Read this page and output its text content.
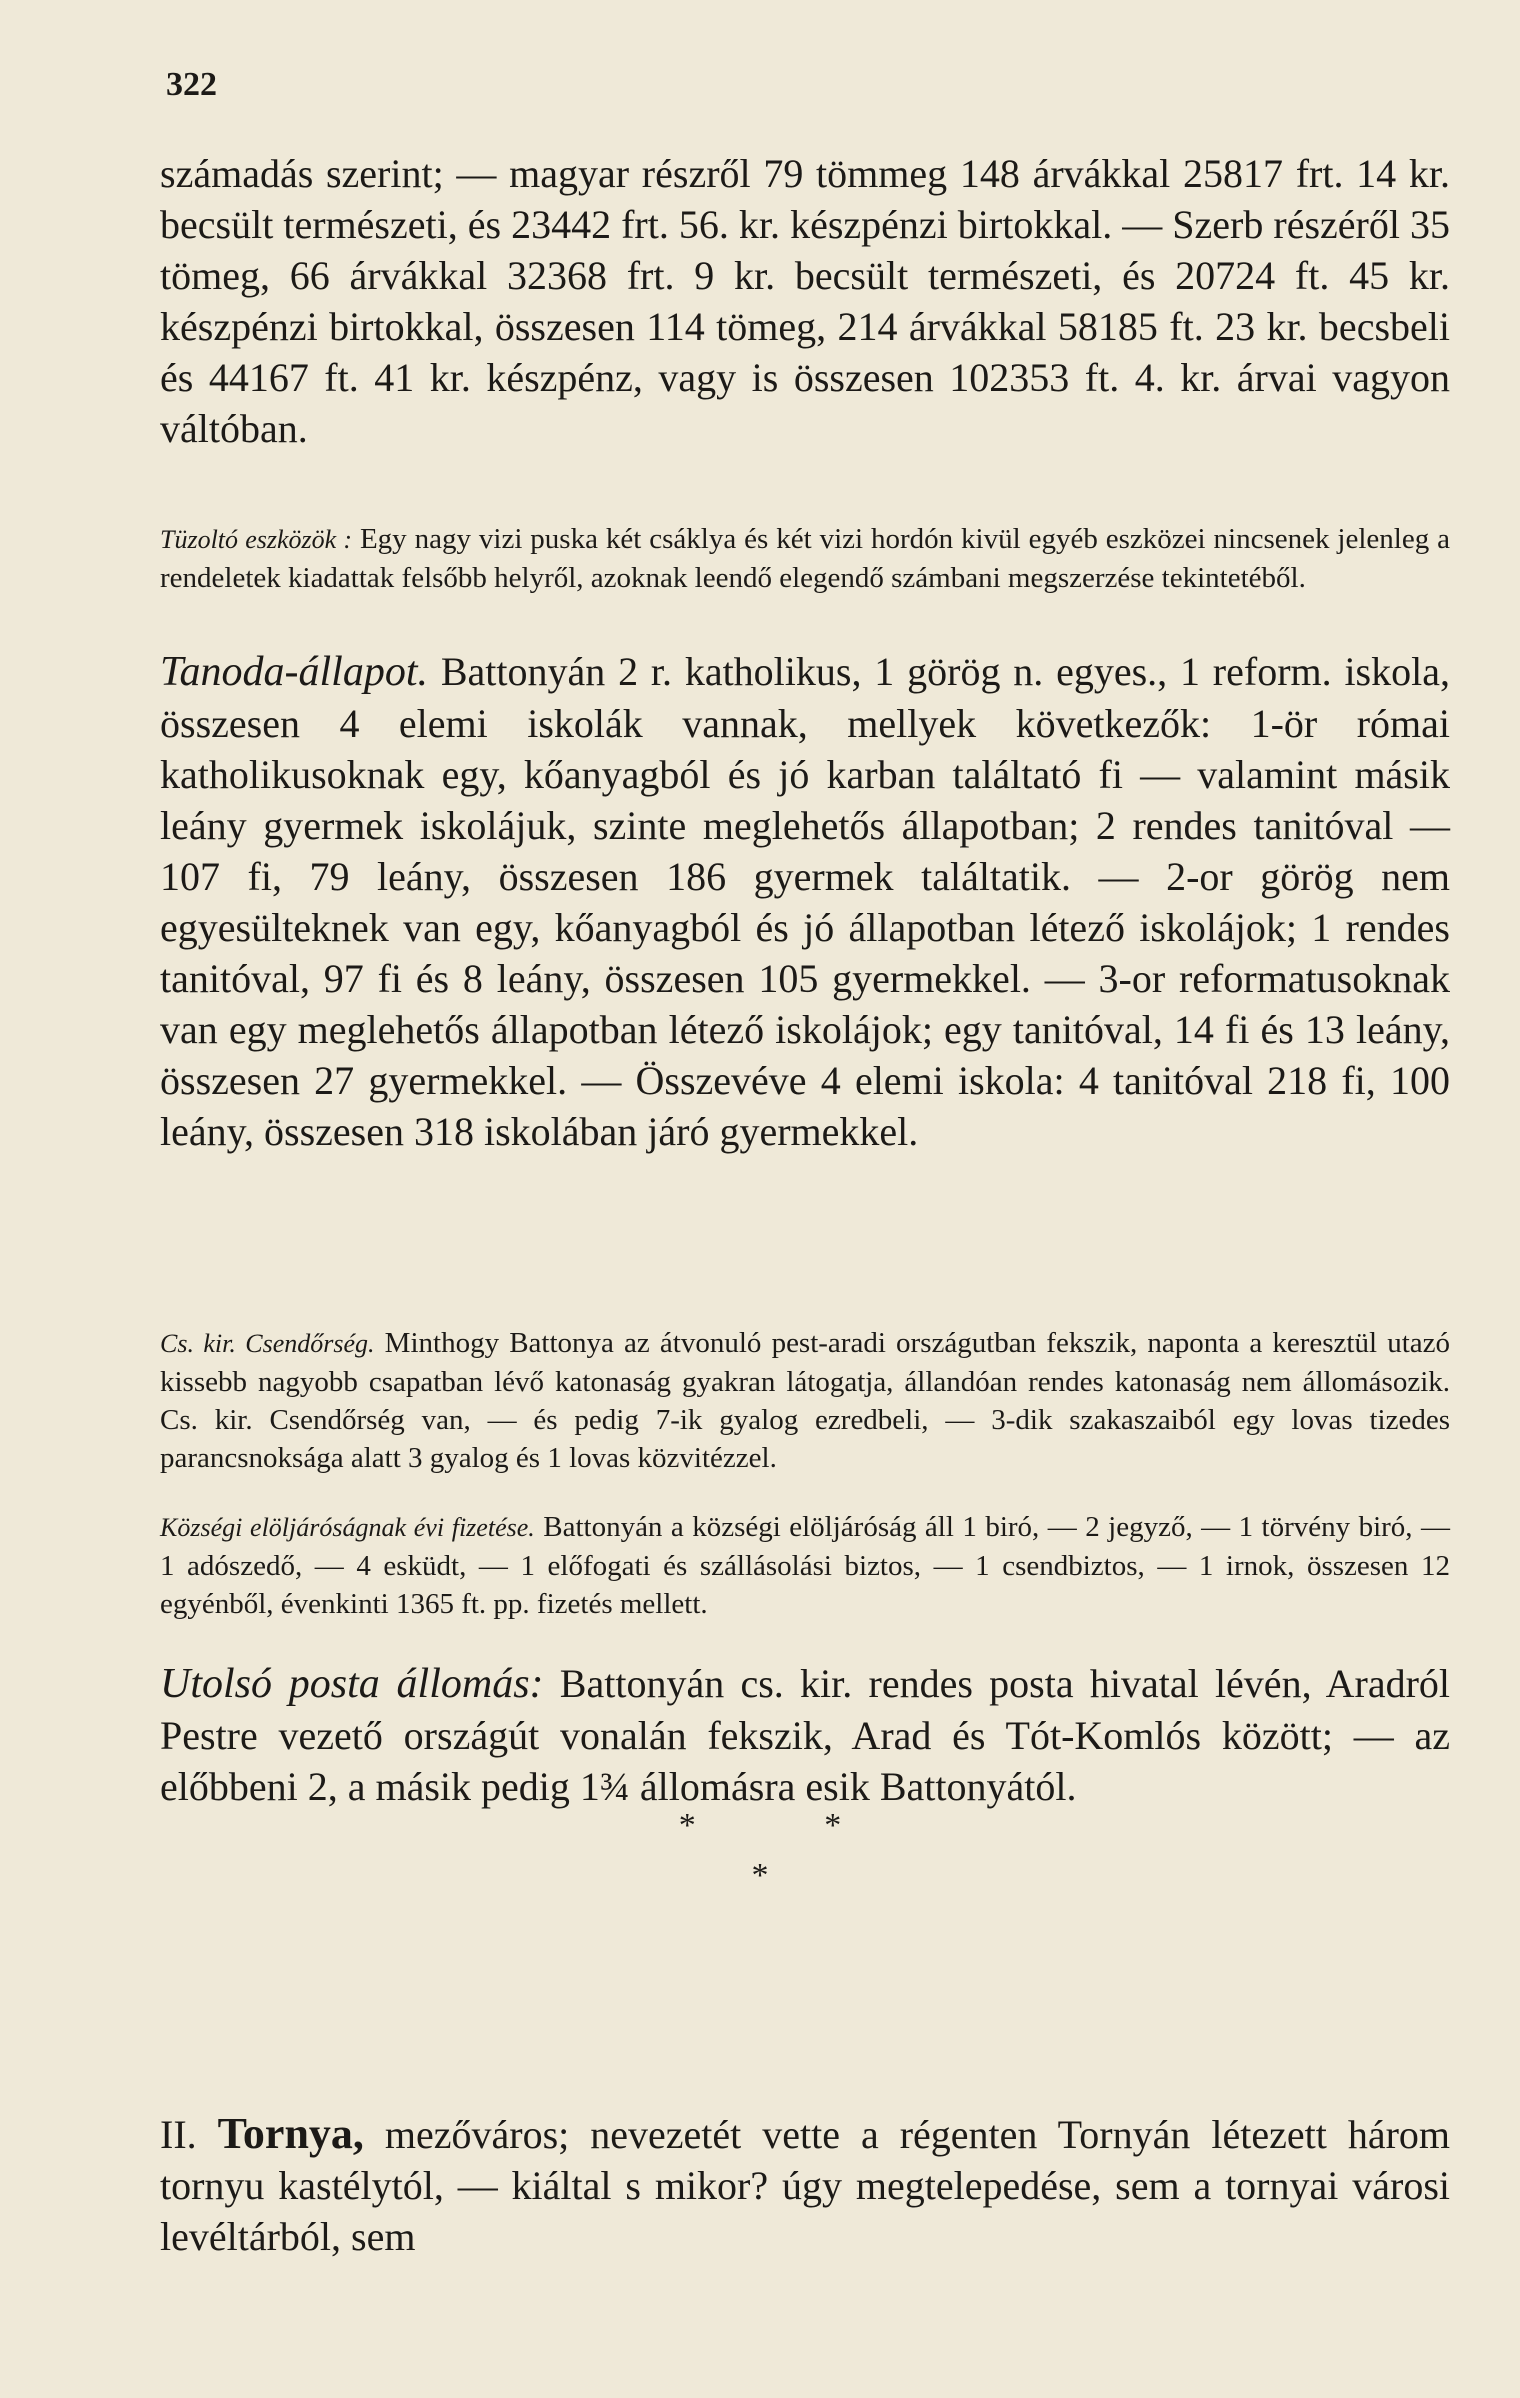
322

számadás szerint; — magyar részről 79 tömmeg 148 árvákkal 25817 frt. 14 kr. becsült természeti, és 23442 frt. 56. kr. készpénzi birtokkal. — Szerb részéről 35 tömeg, 66 árvákkal 32368 frt. 9 kr. becsült természeti, és 20724 ft. 45 kr. készpénzi birtokkal, összesen 114 tömeg, 214 árvákkal 58185 ft. 23 kr. becsbeli és 44167 ft. 41 kr. készpénz, vagy is összesen 102353 ft. 4. kr. árvai vagyon váltóban.

Tüzoltó eszközök : Egy nagy vizi puska két csáklya és két vizi hordón kivül egyéb eszközei nincsenek jelenleg a rendeletek kiadattak felsőbb helyről, azoknak leendő elegendő számbani megszerzése tekintetéből.

Tanoda-állapot. Battonyán 2 r. katholikus, 1 görög n. egyes., 1 reform. iskola, összesen 4 elemi iskolák vannak, mellyek következők: 1-ör római katholikusoknak egy, kőanyagból és jó karban találtató fi — valamint másik leány gyermek iskolájuk, szinte meglehetős állapotban; 2 rendes tanitóval — 107 fi, 79 leány, összesen 186 gyermek találtatik. — 2-or görög nem egyesülteknek van egy, kőanyagból és jó állapotban létező iskolájok; 1 rendes tanitóval, 97 fi és 8 leány, összesen 105 gyermekkel. — 3-or reformatusoknak van egy meglehetős állapotban létező iskolájok; egy tanitóval, 14 fi és 13 leány, összesen 27 gyermekkel. — Összevéve 4 elemi iskola: 4 tanitóval 218 fi, 100 leány, összesen 318 iskolában járó gyermekkel.

Cs. kir. Csendőrség. Minthogy Battonya az átvonuló pest-aradi országutban fekszik, naponta a keresztül utazó kissebb nagyobb csapatban lévő katonaság gyakran látogatja, állandóan rendes katonaság nem állomásozik. Cs. kir. Csendőrség van, — és pedig 7-ik gyalog ezredbeli, — 3-dik szakaszaiból egy lovas tizedes parancsnoksága alatt 3 gyalog és 1 lovas közvitézzel.

Községi elöljáróságnak évi fizetése. Battonyán a községi elöljáróság áll 1 biró, — 2 jegyző, — 1 törvény biró, — 1 adószedő, — 4 esküdt, — 1 előfogati és szállásolási biztos, — 1 csendbiztos, — 1 irnok, összesen 12 egyénből, évenkinti 1365 ft. pp. fizetés mellett.

Utolsó posta állomás: Battonyán cs. kir. rendes posta hivatal lévén, Aradról Pestre vezető országút vonalán fekszik, Arad és Tót-Komlós között; — az előbbeni 2, a másik pedig 1¾ állomásra esik Battonyától.

* *
*

II. Tornya, mezőváros; nevezetét vette a régenten Tornyán létezett három tornyu kastélytól, — kiáltal s mikor? úgy megtelepedése, sem a tornyai városi levéltárból, sem
